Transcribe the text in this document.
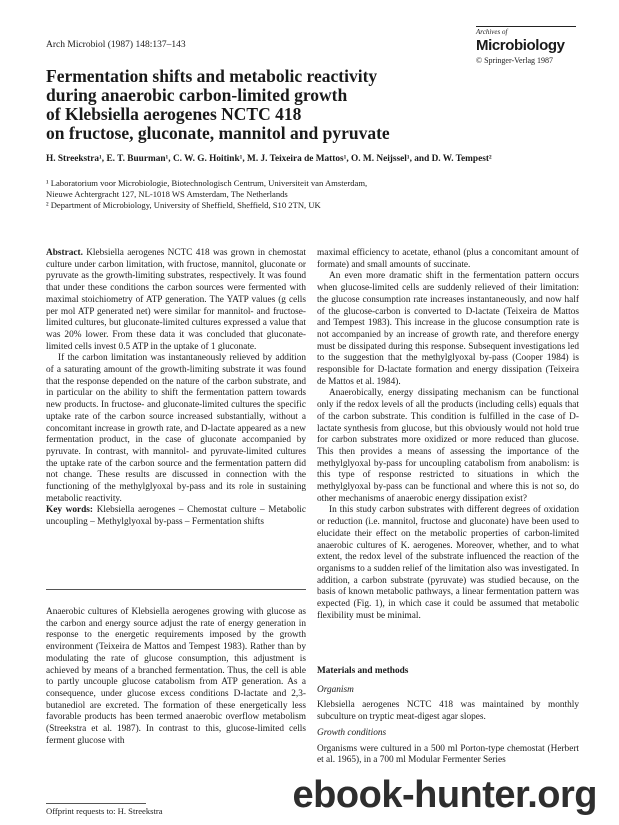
Arch Microbiol (1987) 148:137–143
Archives of
Microbiology
© Springer-Verlag 1987
Fermentation shifts and metabolic reactivity
during anaerobic carbon-limited growth
of Klebsiella aerogenes NCTC 418
on fructose, gluconate, mannitol and pyruvate
H. Streekstra¹, E. T. Buurman¹, C. W. G. Hoitink¹, M. J. Teixeira de Mattos¹, O. M. Neijssel¹, and D. W. Tempest²
¹ Laboratorium voor Microbiologie, Biotechnologisch Centrum, Universiteit van Amsterdam,
Nieuwe Achtergracht 127, NL-1018 WS Amsterdam, The Netherlands
² Department of Microbiology, University of Sheffield, Sheffield, S10 2TN, UK

Abstract. Klebsiella aerogenes NCTC 418 was grown in chemostat culture under carbon limitation, with fructose, mannitol, gluconate or pyruvate as the growth-limiting substrates, respectively. It was found that under these conditions the carbon sources were fermented with maximal stoichiometry of ATP generation. The YATP values (g cells per mol ATP generated net) were similar for mannitol- and fructose-limited cultures, but gluconate-limited cultures expressed a value that was 20% lower. From these data it was concluded that gluconate-limited cells invest 0.5 ATP in the uptake of 1 gluconate.

If the carbon limitation was instantaneously relieved by addition of a saturating amount of the growth-limiting substrate it was found that the response depended on the nature of the carbon substrate, and in particular on the ability to shift the fermentation pattern towards new products. In fructose- and gluconate-limited cultures the specific uptake rate of the carbon source increased substantially, without a concomitant increase in growth rate, and D-lactate appeared as a new fermentation product, in the case of gluconate accompanied by pyruvate. In contrast, with mannitol- and pyruvate-limited cultures the uptake rate of the carbon source and the fermentation pattern did not change. These results are discussed in connection with the functioning of the methylglyoxal by-pass and its role in sustaining metabolic reactivity.

Key words: Klebsiella aerogenes – Chemostat culture – Metabolic uncoupling – Methylglyoxal by-pass – Fermentation shifts

Anaerobic cultures of Klebsiella aerogenes growing with glucose as the carbon and energy source adjust the rate of energy generation in response to the energetic requirements imposed by the growth environment (Teixeira de Mattos and Tempest 1983). Rather than by modulating the rate of glucose consumption, this adjustment is achieved by means of a branched fermentation. Thus, the cell is able to partly uncouple glucose catabolism from ATP generation. As a consequence, under glucose excess conditions D-lactate and 2,3-butanediol are excreted. The formation of these energetically less favorable products has been termed anaerobic overflow metabolism (Streekstra et al. 1987). In contrast to this, glucose-limited cells ferment glucose with
Offprint requests to: H. Streekstra

maximal efficiency to acetate, ethanol (plus a concomitant amount of formate) and small amounts of succinate.

An even more dramatic shift in the fermentation pattern occurs when glucose-limited cells are suddenly relieved of their limitation: the glucose consumption rate increases instantaneously, and now half of the glucose-carbon is converted to D-lactate (Teixeira de Mattos and Tempest 1983). This increase in the glucose consumption rate is not accompanied by an increase of growth rate, and therefore energy must be dissipated during this response. Subsequent investigations led to the suggestion that the methylglyoxal by-pass (Cooper 1984) is responsible for D-lactate formation and energy dissipation (Teixeira de Mattos et al. 1984).

Anaerobically, energy dissipating mechanism can be functional only if the redox levels of all the products (including cells) equals that of the carbon substrate. This condition is fulfilled in the case of D-lactate synthesis from glucose, but this obviously would not hold true for carbon substrates more oxidized or more reduced than glucose. This then provides a means of assessing the importance of the methylglyoxal by-pass for uncoupling catabolism from anabolism: is this type of response restricted to situations in which the methylglyoxal by-pass can be functional and where this is not so, do other mechanisms of anaerobic energy dissipation exist?

In this study carbon substrates with different degrees of oxidation or reduction (i.e. mannitol, fructose and gluconate) have been used to elucidate their effect on the metabolic properties of carbon-limited anaerobic cultures of K. aerogenes. Moreover, whether, and to what extent, the redox level of the substrate influenced the reaction of the organisms to a sudden relief of the limitation also was investigated. In addition, a carbon substrate (pyruvate) was studied because, on the basis of known metabolic pathways, a linear fermentation pattern was expected (Fig. 1), in which case it could be assumed that metabolic flexibility must be minimal.

Materials and methods
Organism

Klebsiella aerogenes NCTC 418 was maintained by monthly subculture on tryptic meat-digest agar slopes.

Growth conditions

Organisms were cultured in a 500 ml Porton-type chemostat (Herbert et al. 1965), in a 700 ml Modular Fermenter Series

ebook-hunter.org
